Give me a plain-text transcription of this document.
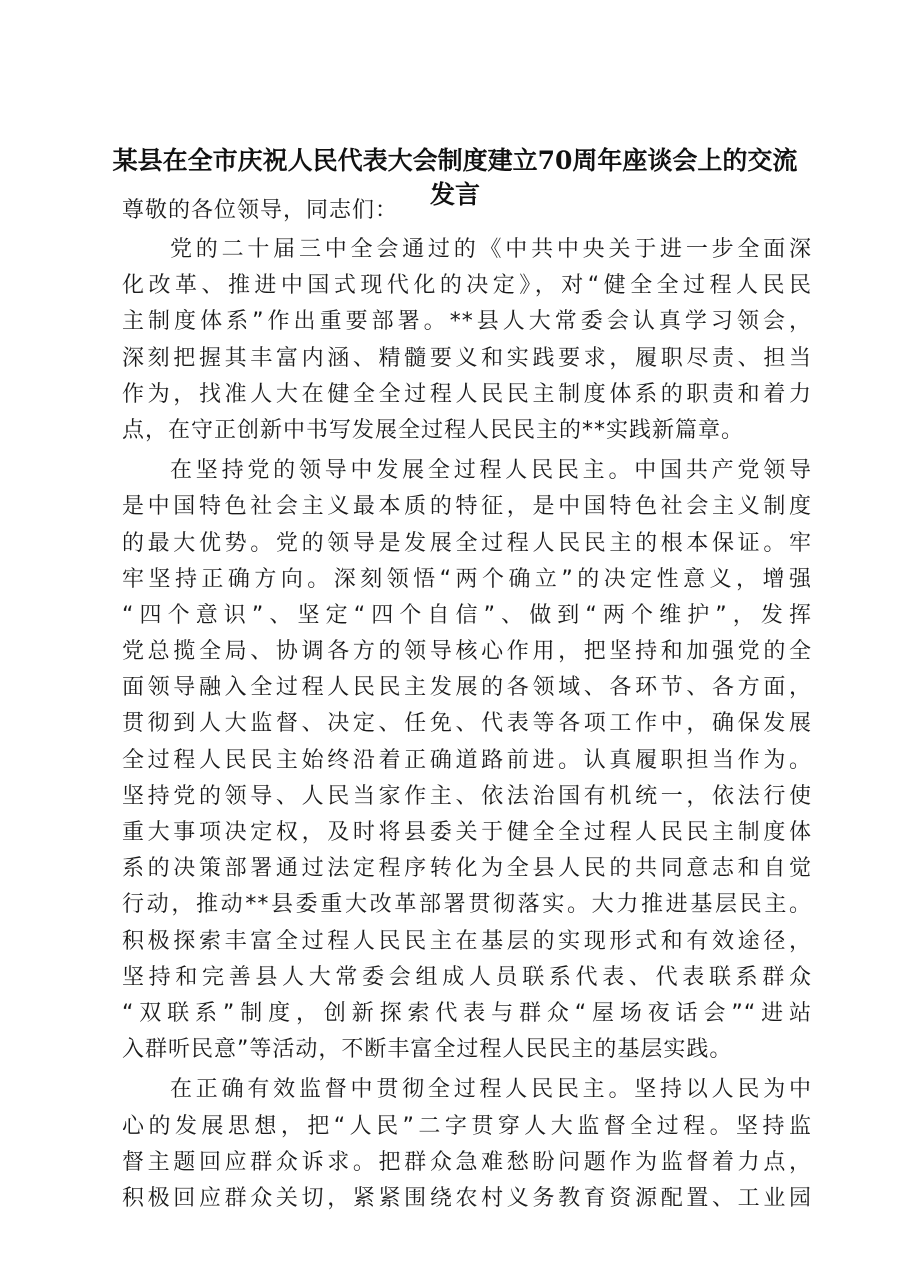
某县在全市庆祝人民代表大会制度建立70周年座谈会上的交流
发言

尊敬的各位领导，同志们：

党的二十届三中全会通过的《中共中央关于进一步全面深
化改革、推进中国式现代化的决定》，对“健全全过程人民民
主制度体系”作出重要部署。**县人大常委会认真学习领会，
深刻把握其丰富内涵、精髓要义和实践要求，履职尽责、担当
作为，找准人大在健全全过程人民民主制度体系的职责和着力
点，在守正创新中书写发展全过程人民民主的**实践新篇章。

在坚持党的领导中发展全过程人民民主。中国共产党领导
是中国特色社会主义最本质的特征，是中国特色社会主义制度
的最大优势。党的领导是发展全过程人民民主的根本保证。牢
牢坚持正确方向。深刻领悟“两个确立”的决定性意义，增强
“四个意识”、坚定“四个自信”、做到“两个维护”，发挥
党总揽全局、协调各方的领导核心作用，把坚持和加强党的全
面领导融入全过程人民民主发展的各领域、各环节、各方面，
贯彻到人大监督、决定、任免、代表等各项工作中，确保发展
全过程人民民主始终沿着正确道路前进。认真履职担当作为。
坚持党的领导、人民当家作主、依法治国有机统一，依法行使
重大事项决定权，及时将县委关于健全全过程人民民主制度体
系的决策部署通过法定程序转化为全县人民的共同意志和自觉
行动，推动**县委重大改革部署贯彻落实。大力推进基层民主。
积极探索丰富全过程人民民主在基层的实现形式和有效途径，
坚持和完善县人大常委会组成人员联系代表、代表联系群众
“双联系”制度，创新探索代表与群众“屋场夜话会”“进站
入群听民意”等活动，不断丰富全过程人民民主的基层实践。

在正确有效监督中贯彻全过程人民民主。坚持以人民为中
心的发展思想，把“人民”二字贯穿人大监督全过程。坚持监
督主题回应群众诉求。把群众急难愁盼问题作为监督着力点，
积极回应群众关切，紧紧围绕农村义务教育资源配置、工业园
